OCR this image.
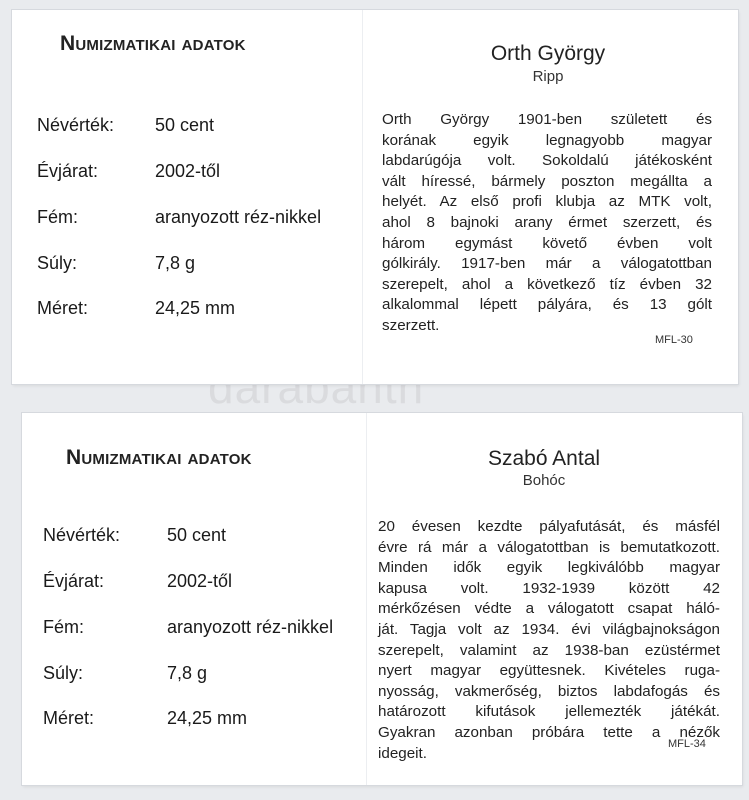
darabanth
Numizmatikai adatok
Névérték: 50 cent
Évjárat:	2002-től
Fém:	aranyozott réz-nikkel
Súly:	7,8 g
Méret:	24,25 mm
Orth György
Ripp
Orth György 1901-ben született és
korának egyik legnagyobb magyar
labdarúgója volt. Sokoldalú játékosként
vált híressé, bármely poszton megállta a
helyét. Az első profi klubja az MTK volt,
ahol 8 bajnoki arany érmet szerzett, és
három egymást követő évben volt
gólkirály. 1917-ben már a válogatottban
szerepelt, ahol a következő tíz évben 32
alkalommal lépett pályára, és 13 gólt
szerzett.
MFL-30
Numizmatikai adatok
Névérték:	50 cent
Évjárat:	2002-től
Fém:	aranyozott réz-nikkel
Súly:	7,8 g
Méret:	24,25 mm
Szabó Antal
Bohóc
20 évesen kezdte pályafutását, és másfél
évre rá már a válogatottban is bemutatkozott.
Minden idők egyik legkiválóbb magyar
kapusa volt. 1932-1939 között 42
mérkőzésen védte a válogatott csapat háló-
ját. Tagja volt az 1934. évi világbajnokságon
szerepelt, valamint az 1938-ban ezüstérmet
nyert magyar együttesnek. Kivételes ruga-
nyosság, vakmerőség, biztos labdafogás és
határozott kifutások jellemezték játékát.
Gyakran azonban próbára tette a nézők
idegeit.
MFL-34
